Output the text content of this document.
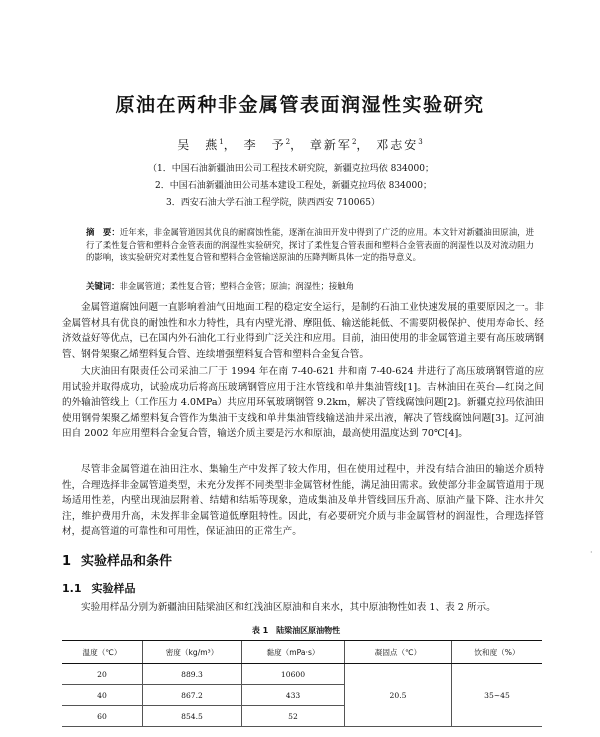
原油在两种非金属管表面润湿性实验研究
吴　燕$^1$， 李　予$^2$， 章新军$^2$， 邓志安$^3$
（1．中国石油新疆油田公司工程技术研究院，新疆克拉玛依 834000；
2．中国石油新疆油田公司基本建设工程处，新疆克拉玛依 834000；
3．西安石油大学石油工程学院，陕西西安 710065）
摘　要：近年来，非金属管道因其优良的耐腐蚀性能，逐渐在油田开发中得到了广泛的应用。本文针对新疆油田原油，进行了柔性复合管和塑料合金管表面的润湿性实验研究，探讨了柔性复合管表面和塑料合金管表面的润湿性以及对流动阻力的影响，该实验研究对柔性复合管和塑料合金管输送原油的压降判断具体一定的指导意义。
关键词：非金属管道；柔性复合管；塑料合金管；原油；润湿性；接触角

金属管道腐蚀问题一直影响着油气田地面工程的稳定安全运行，是制约石油工业快速发展的重要原因之一。非金属管材具有优良的耐蚀性和水力特性，具有内壁光滑、摩阻低、输送能耗低、不需要阴极保护、使用寿命长、经济效益好等优点，已在国内外石油化工行业得到广泛关注和应用。目前，油田使用的非金属管道主要有高压玻璃钢管、钢骨架聚乙烯塑料复合管、连续增强塑料复合管和塑料合金复合管。

大庆油田有限责任公司采油二厂于 1994 年在南 7-40-621 井和南 7-40-624 井进行了高压玻璃钢管道的应用试验并取得成功，试验成功后将高压玻璃钢管应用于注水管线和单井集油管线[1]。吉林油田在英台—红岗之间的外输油管线上（工作压力 4.0MPa）共应用环氧玻璃钢管 9.2km，解决了管线腐蚀问题[2]。新疆克拉玛依油田使用钢骨架聚乙烯塑料复合管作为集油干支线和单井集油管线输送油井采出液，解决了管线腐蚀问题[3]。辽河油田自 2002 年应用塑料合金复合管，输送介质主要是污水和原油，最高使用温度达到 70℃[4]。

尽管非金属管道在油田注水、集输生产中发挥了较大作用，但在使用过程中，并没有结合油田的输送介质特性，合理选择非金属管道类型，未充分发挥不同类型非金属管材性能，满足油田需求。致使部分非金属管道用于现场适用性差，内壁出现油层附着、结蜡和结垢等现象，造成集油及单井管线回压升高、原油产量下降、注水井欠注，维护费用升高，未发挥非金属管道低摩阻特性。因此，有必要研究介质与非金属管材的润湿性，合理选择管材，提高管道的可靠性和可用性，保证油田的正常生产。

1 实验样品和条件
1.1 实验样品
实验用样品分别为新疆油田陆梁油区和红浅油区原油和自来水，其中原油物性如表 1、表 2 所示。
表 1 陆梁油区原油物性
温度（℃）	密度（kg/m³）	黏度（mPa·s）	凝固点（℃）	饮和度（%）
20	889.3	10600	20.5	35~45
40	867.2	433		
60	854.5	52		
·
